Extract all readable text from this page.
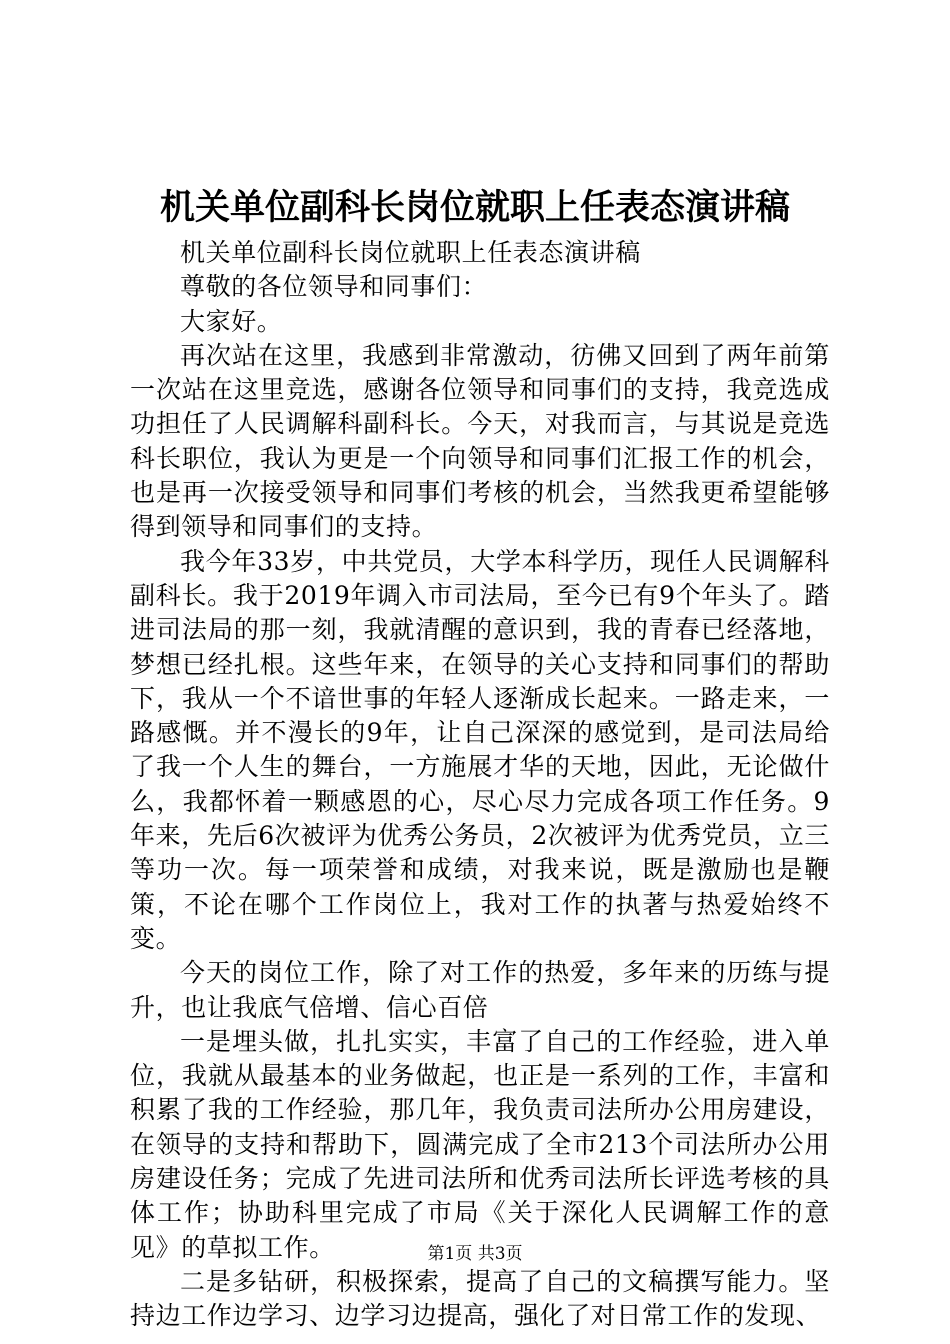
机关单位副科长岗位就职上任表态演讲稿

机关单位副科长岗位就职上任表态演讲稿

尊敬的各位领导和同事们：

大家好。

再次站在这里，我感到非常激动，彷佛又回到了两年前第一次站在这里竞选，感谢各位领导和同事们的支持，我竞选成功担任了人民调解科副科长。今天，对我而言，与其说是竞选科长职位，我认为更是一个向领导和同事们汇报工作的机会，也是再一次接受领导和同事们考核的机会，当然我更希望能够得到领导和同事们的支持。

我今年33岁，中共党员，大学本科学历，现任人民调解科副科长。我于2019年调入市司法局，至今已有9个年头了。踏进司法局的那一刻，我就清醒的意识到，我的青春已经落地，梦想已经扎根。这些年来，在领导的关心支持和同事们的帮助下，我从一个不谙世事的年轻人逐渐成长起来。一路走来，一路感慨。并不漫长的9年，让自己深深的感觉到，是司法局给了我一个人生的舞台，一方施展才华的天地，因此，无论做什么，我都怀着一颗感恩的心，尽心尽力完成各项工作任务。9年来，先后6次被评为优秀公务员，2次被评为优秀党员，立三等功一次。每一项荣誉和成绩，对我来说，既是激励也是鞭策，不论在哪个工作岗位上，我对工作的执著与热爱始终不变。

今天的岗位工作，除了对工作的热爱，多年来的历练与提升，也让我底气倍增、信心百倍

一是埋头做，扎扎实实，丰富了自己的工作经验，进入单位，我就从最基本的业务做起，也正是一系列的工作，丰富和积累了我的工作经验，那几年，我负责司法所办公用房建设，在领导的支持和帮助下，圆满完成了全市213个司法所办公用房建设任务；完成了先进司法所和优秀司法所长评选考核的具体工作；协助科里完成了市局《关于深化人民调解工作的意见》的草拟工作。

二是多钻研，积极探索，提高了自己的文稿撰写能力。坚持边工作边学习、边学习边提高，强化了对日常工作的发现、

第1页 共3页
